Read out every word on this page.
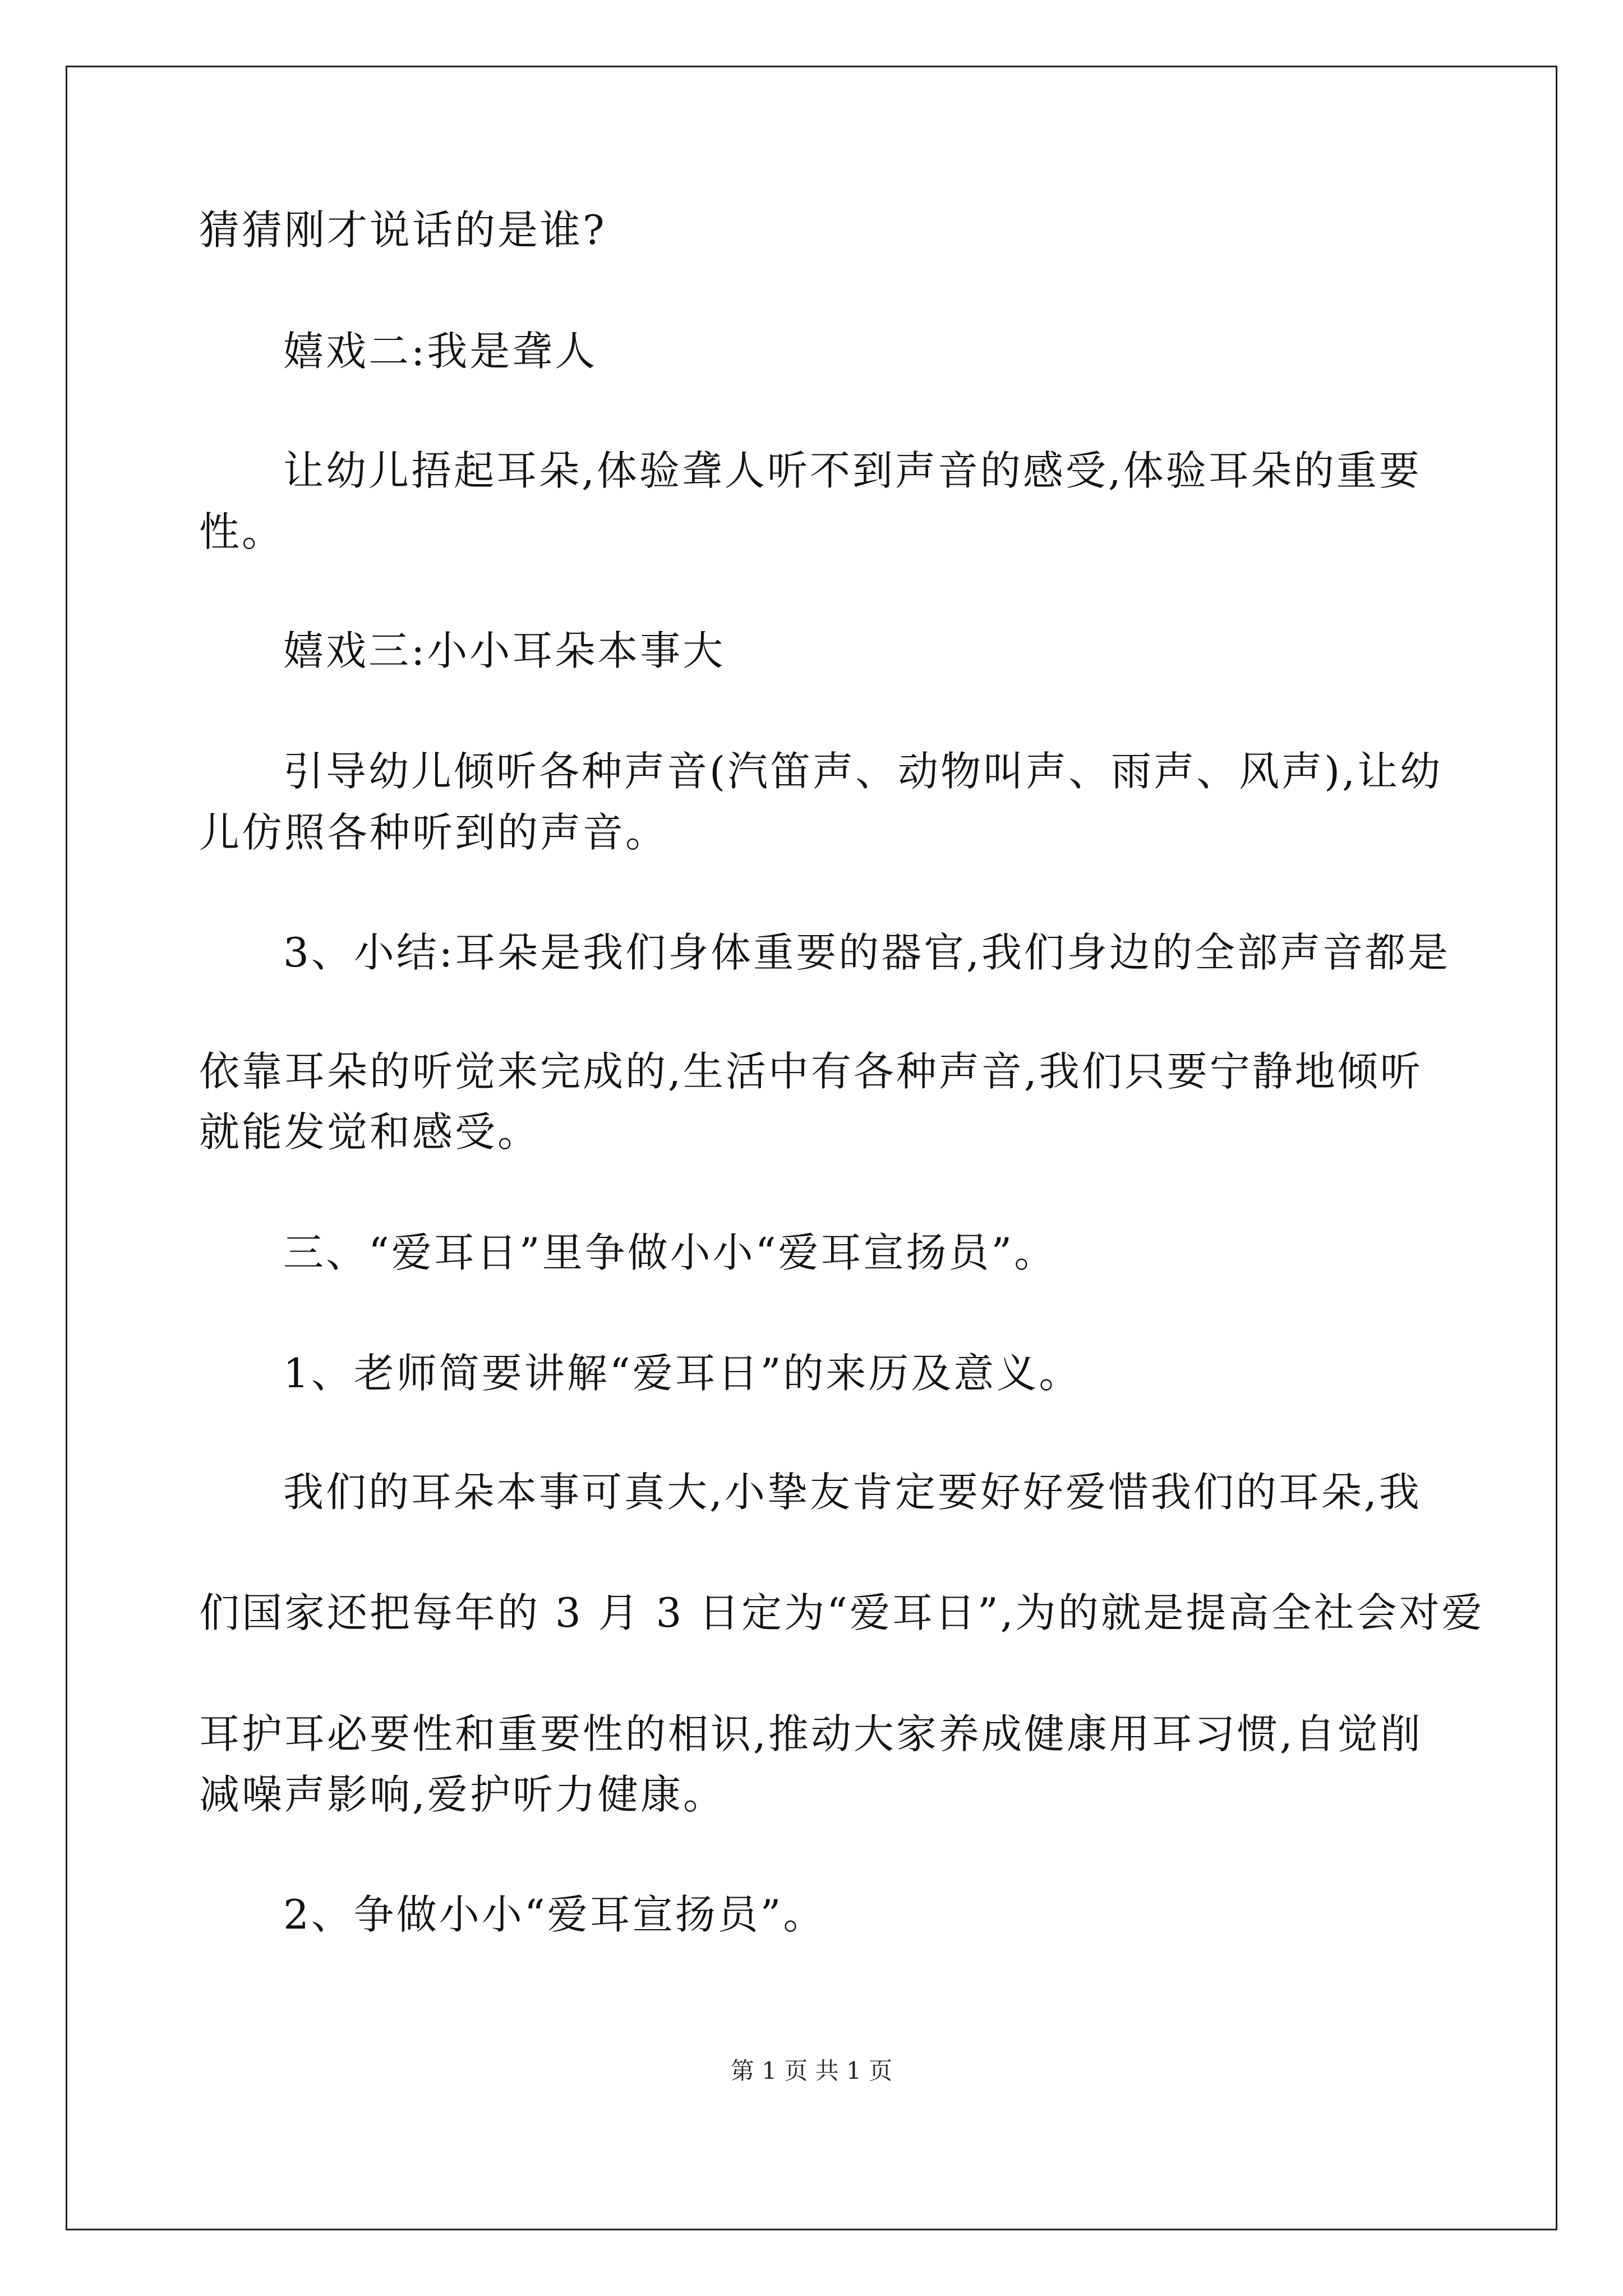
猜猜刚才说话的是谁?
嬉戏二:我是聋人
让幼儿捂起耳朵,体验聋人听不到声音的感受,体验耳朵的重要
性。
嬉戏三:小小耳朵本事大
引导幼儿倾听各种声音(汽笛声、动物叫声、雨声、风声),让幼
儿仿照各种听到的声音。
3、小结:耳朵是我们身体重要的器官,我们身边的全部声音都是
依靠耳朵的听觉来完成的,生活中有各种声音,我们只要宁静地倾听
就能发觉和感受。
三、“爱耳日”里争做小小“爱耳宣扬员”。
1、老师简要讲解“爱耳日”的来历及意义。
我们的耳朵本事可真大,小挚友肯定要好好爱惜我们的耳朵,我
们国家还把每年的 3 月 3 日定为“爱耳日”,为的就是提高全社会对爱
耳护耳必要性和重要性的相识,推动大家养成健康用耳习惯,自觉削
减噪声影响,爱护听力健康。
2、争做小小“爱耳宣扬员”。
第 1 页 共 1 页
